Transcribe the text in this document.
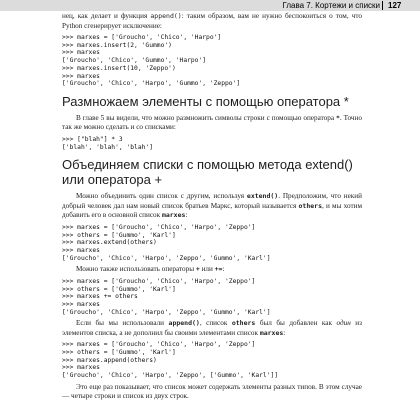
Глава 7. Кортежи и списки 127

нец, как делает и функция append(): таким образом, вам не нужно беспокоиться о том, что Python сгенерирует исключение:

>>> marxes = ['Groucho', 'Chico', 'Harpo']
>>> marxes.insert(2, 'Gummo')
>>> marxes
['Groucho', 'Chico', 'Gummo', 'Harpo']
>>> marxes.insert(10, 'Zeppo')
>>> marxes
['Groucho', 'Chico', 'Harpo', 'Gummo', 'Zeppo']
Размножаем элементы с помощью оператора *

В главе 5 вы видели, что можно размножить символы строки с помощью оператора *. Точно так же можно сделать и со списками:

>>> ["blah"] * 3
['blah', 'blah', 'blah']
Объединяем списки с помощью метода extend()
или оператора +

Можно объединить один список с другим, используя extend(). Предположим, что некий добрый человек дал нам новый список братьев Маркс, который называется others, и мы хотим добавить его в основной список marxes:

>>> marxes = ['Groucho', 'Chico', 'Harpo', 'Zeppo']
>>> others = ['Gummo', 'Karl']
>>> marxes.extend(others)
>>> marxes
['Groucho', 'Chico', 'Harpo', 'Zeppo', 'Gummo', 'Karl']

Можно также использовать операторы + или +=:

>>> marxes = ['Groucho', 'Chico', 'Harpo', 'Zeppo']
>>> others = ['Gummo', 'Karl']
>>> marxes += others
>>> marxes
['Groucho', 'Chico', 'Harpo', 'Zeppo', 'Gummo', 'Karl']

Если бы мы использовали append(), список others был бы добавлен как один из элементов списка, а не дополнил бы своими элементами список marxes:

>>> marxes = ['Groucho', 'Chico', 'Harpo', 'Zeppo']
>>> others = ['Gummo', 'Karl']
>>> marxes.append(others)
>>> marxes
['Groucho', 'Chico', 'Harpo', 'Zeppo', ['Gummo', 'Karl']]

Это еще раз показывает, что список может содержать элементы разных типов. В этом случае — четыре строки и список из двух строк.
